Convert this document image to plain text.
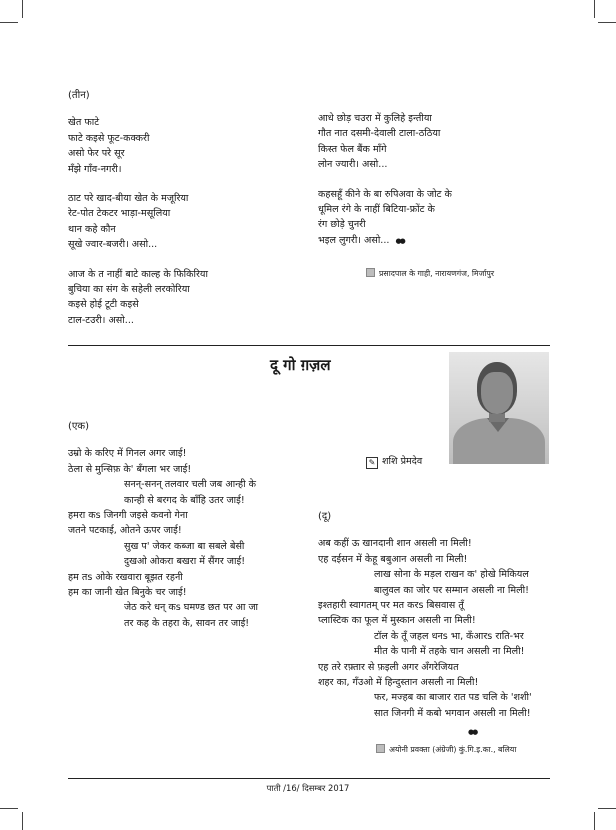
(तीन)
खेत फाटे
फाटे कइसे फूट-कक्करी
असो फेर परे सूर
मँझे गाँव-नगरी।
ठाट परे खाद-बीया खेत के मजूरिया
रेट-पोत टेकटर भाड़ा-मसूलिया
थान कहे कौन
सूखे ज्वार-बजरी। असो...
आज के त नाहीं बाटे काल्ह के फिकिरिया
बुचिया का संग के सहेली लरकोरिया
कइसे होई टूटी कइसे
टाल-टउरी। असो...
आधे छोड़ चउरा में कुलिहे इन्तीया
गौत नात दसमी-देवाली टाला-ठठिया
किस्त फेल बैंक माँगे
लोन ज्यारी। असो...
कहसहूँ कीने के बा रुपिअवा के जोट के
धूमिल रंगे के नाहीं बिटिया-फ्रोंट के
रंग छोड़े चुनरी
भइल लुगरी। असो... ●●
प्रसादपाल के गाही, नारायणगंज, मिर्जापुर
दू गो ग़ज़ल
✎ शशि प्रेमदेव
(एक)
उम्रो के करिए में गिनल अगर जाई!
ठेला से मुन्सिफ़ के' बँगला भर जाई!
सनन्-सनन् तलवार चली जब आन्ही के
कान्ही से बरगद के बाँहि उतर जाई!
हमरा कs जिनगी जइसे कवनो गेना
जतने पटकाई, ओतने ऊपर जाई!
सुख प' जेकर कब्जा बा सबले बेसी
दुखओ ओकरा बखरा में सैंगर जाई!
हम तs ओके रखवारा बूझत रहनी
हम का जानी खेत बिनुके चर जाई!
जेठ करे धन् कs घमण्ड छत पर आ जा
तर कह के तहरा के, सावन तर जाई!
(दू)
अब कहीं ऊ खानदानी शान असली ना मिली!
एह दईसन में केहू बबुआन असली ना मिली!
लाख सोना के मड़ल राखन क' होखे मिकियल
बालुवल का जोर पर सम्मान असली ना मिली!
इश्तहारी स्वागतम् पर मत करs बिसवास तूँ
प्लास्टिक का फूल में मुस्कान असली ना मिली!
टॉल के तूँ जहल धनs भा, कँआरs राति-भर
मीत के पानी में तहके चान असली ना मिली!
एह तरे रफ़्तार से फ़इली अगर अँगरेजियत
शहर का, गँउओ में हिन्दुस्तान असली ना मिली!
फर, मज्हब का बाजार रात पड चलि के 'शशी'
सात जिनगी में कबो भगवान असली ना मिली!
●●
अयोनी प्रवक्ता (अंग्रेजी) कुं.गि.इ.का., बलिया
पाती /16/ दिसम्बर 2017
